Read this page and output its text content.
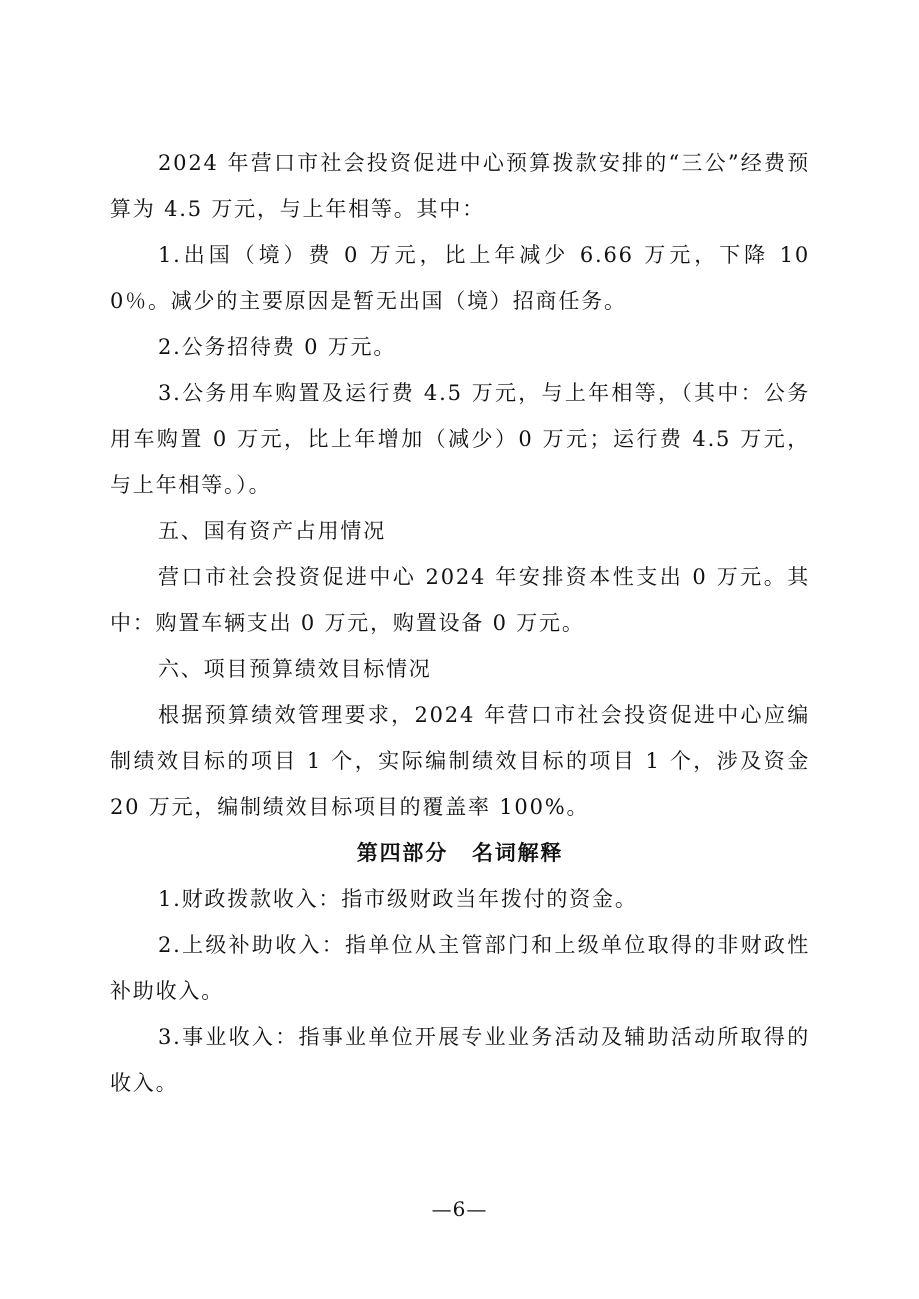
2024 年营口市社会投资促进中心预算拨款安排的“三公”经费预算为 4.5 万元，与上年相等。其中：

1.出国（境）费 0 万元，比上年减少 6.66 万元，下降 100％。减少的主要原因是暂无出国（境）招商任务。

2.公务招待费 0 万元。

3.公务用车购置及运行费 4.5 万元，与上年相等，（其中：公务用车购置 0 万元，比上年增加（减少）0 万元；运行费 4.5 万元，与上年相等。）。

五、国有资产占用情况

营口市社会投资促进中心 2024 年安排资本性支出 0 万元。其中：购置车辆支出 0 万元，购置设备 0 万元。

六、项目预算绩效目标情况

根据预算绩效管理要求，2024 年营口市社会投资促进中心应编制绩效目标的项目 1 个，实际编制绩效目标的项目 1 个，涉及资金 20 万元，编制绩效目标项目的覆盖率 100%。

第四部分 名词解释

1.财政拨款收入：指市级财政当年拨付的资金。

2.上级补助收入：指单位从主管部门和上级单位取得的非财政性补助收入。

3.事业收入：指事业单位开展专业业务活动及辅助活动所取得的收入。

—6—
